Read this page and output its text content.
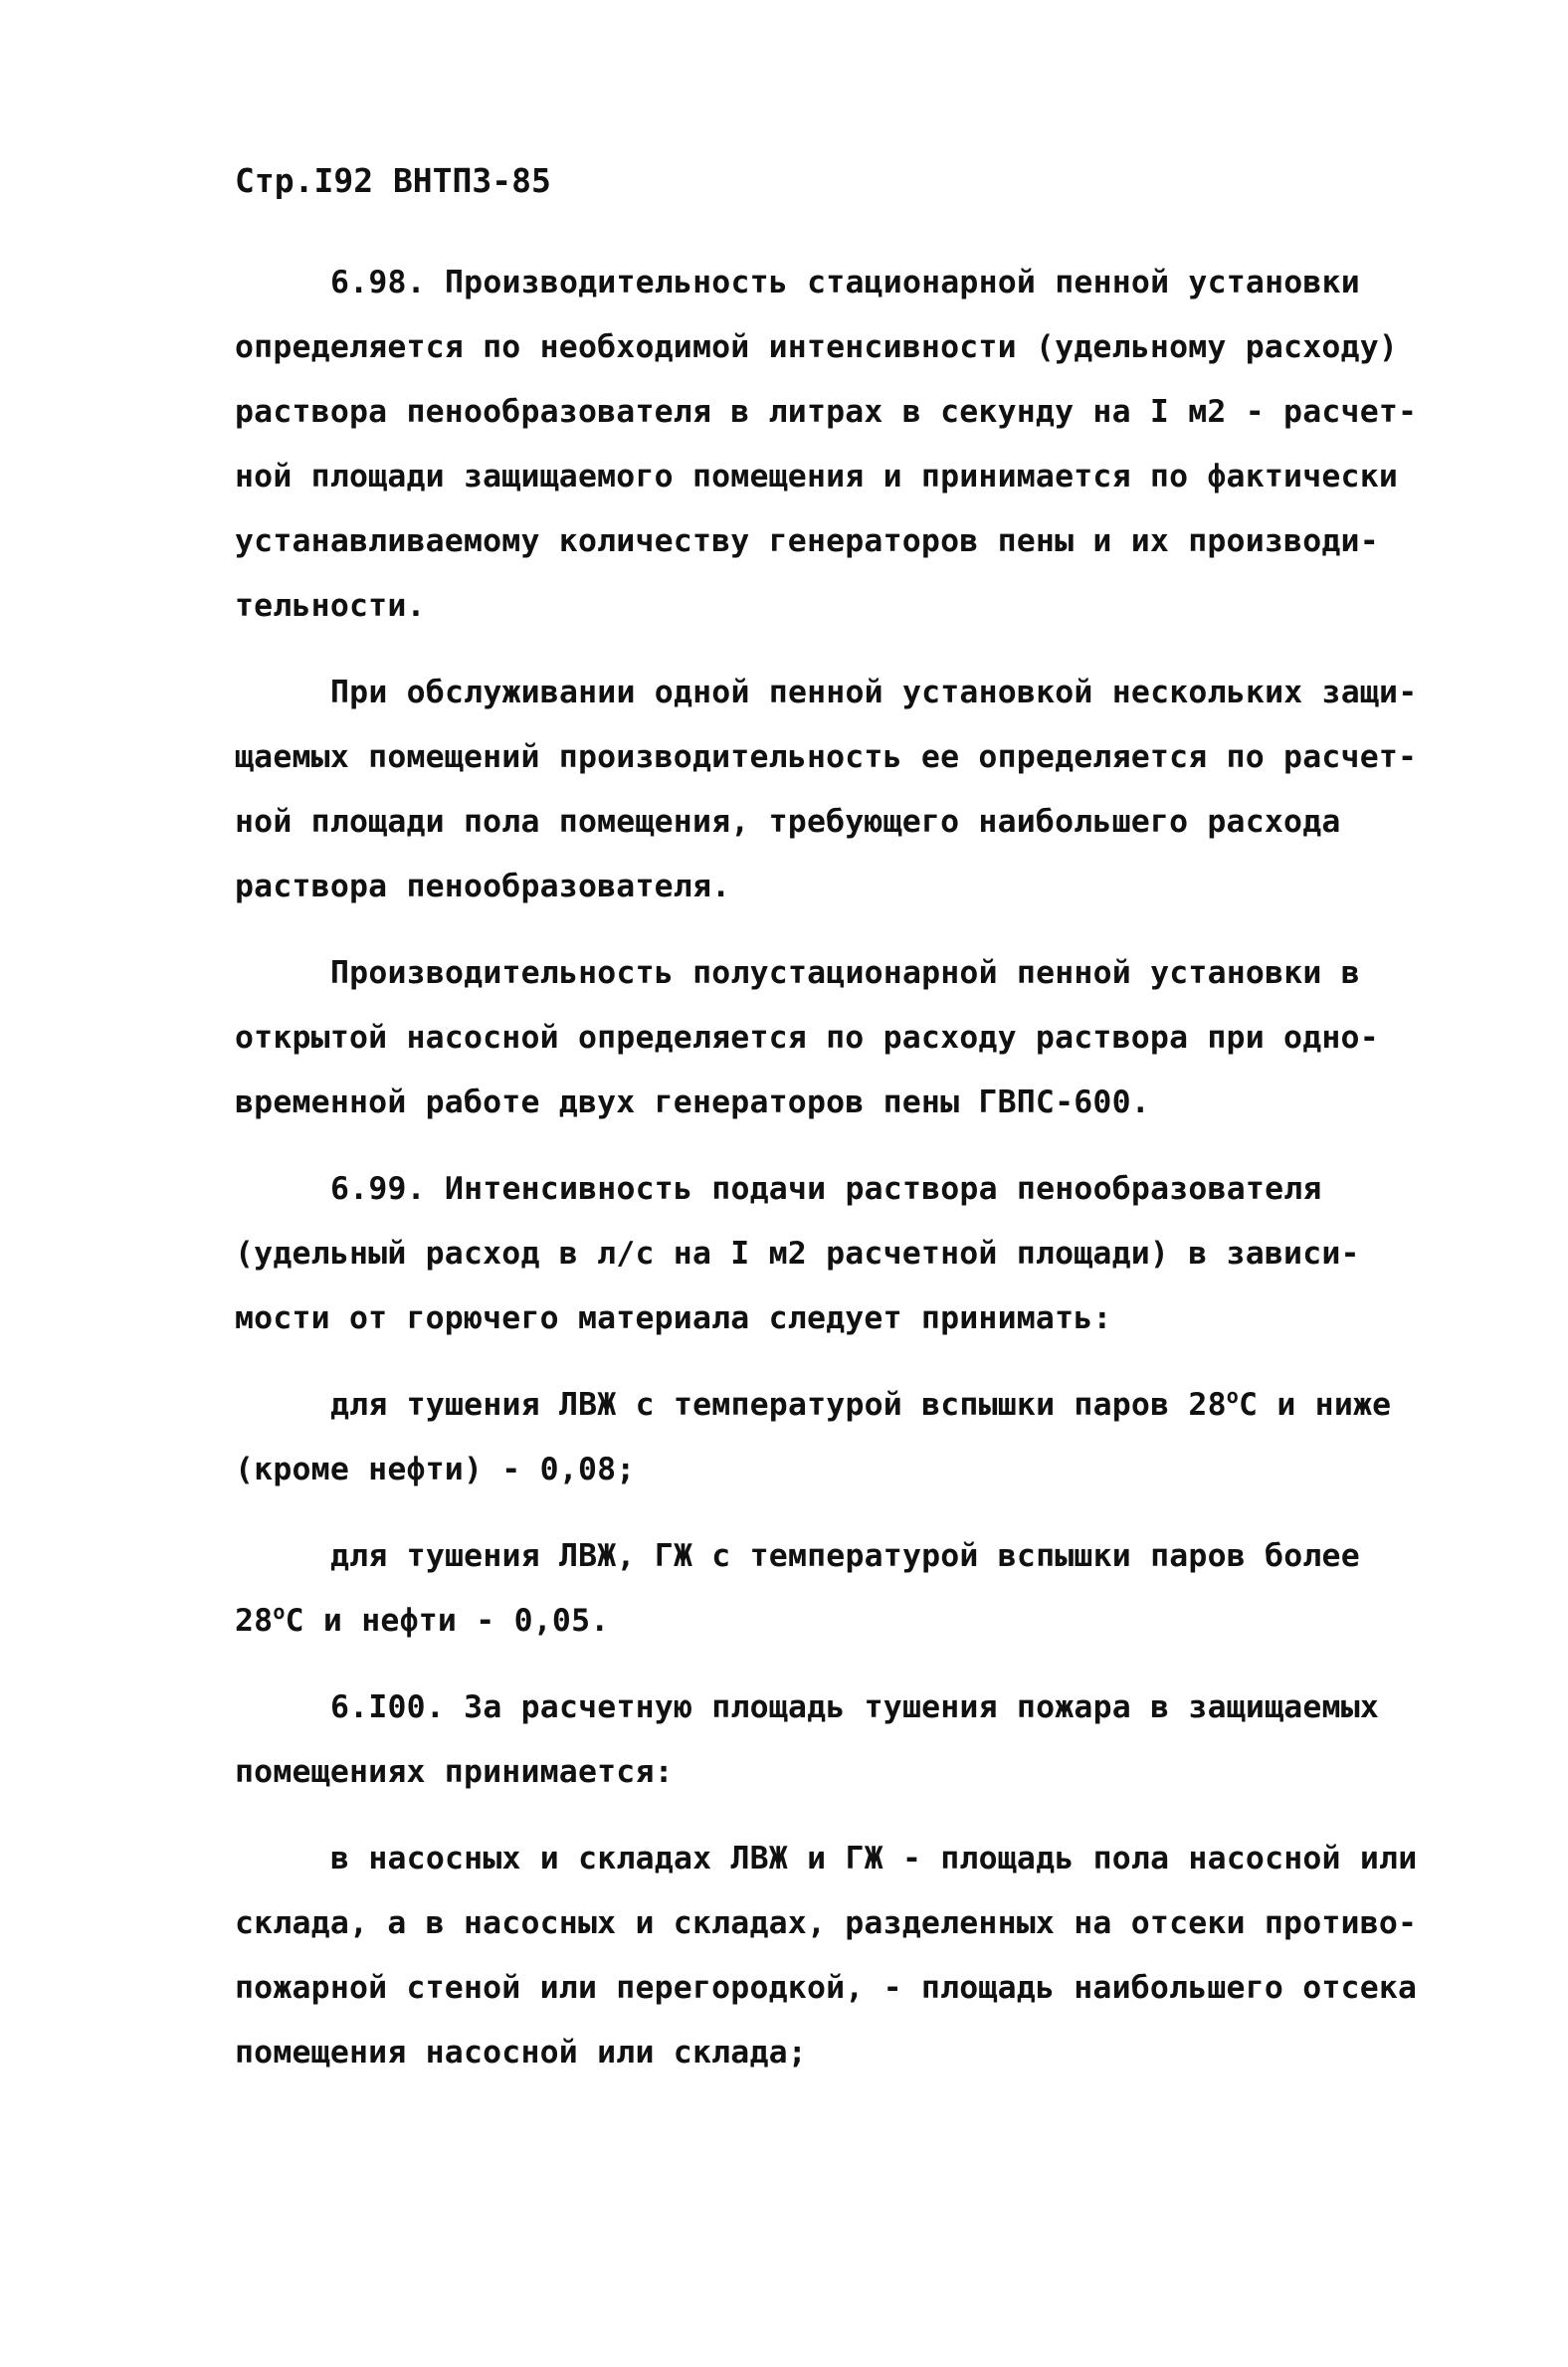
Стр.I92 ВНТПЗ-85
6.98. Производительность стационарной пенной установки
определяется по необходимой интенсивности (удельному расходу)
раствора пенообразователя в литрах в секунду на I м2 - расчет-
ной площади защищаемого помещения и принимается по фактически
устанавливаемому количеству генераторов пены и их производи-
тельности.
При обслуживании одной пенной установкой нескольких защи-
щаемых помещений производительность ее определяется по расчет-
ной площади пола помещения, требующего наибольшего расхода
раствора пенообразователя.
Производительность полустационарной пенной установки в
открытой насосной определяется по расходу раствора при одно-
временной работе двух генераторов пены ГВПС-600.
6.99. Интенсивность подачи раствора пенообразователя
(удельный расход в л/с на I м2 расчетной площади) в зависи-
мости от горючего материала следует принимать:
для тушения ЛВЖ с температурой вспышки паров $28^оС$ и ниже
(кроме нефти) - 0,08;
для тушения ЛВЖ, ГЖ с температурой вспышки паров более
$28^оС$ и нефти - 0,05.
6.I00. За расчетную площадь тушения пожара в защищаемых
помещениях принимается:
в насосных и складах ЛВЖ и ГЖ - площадь пола насосной или
склада, а в насосных и складах, разделенных на отсеки противо-
пожарной стеной или перегородкой, - площадь наибольшего отсека
помещения насосной или склада;
